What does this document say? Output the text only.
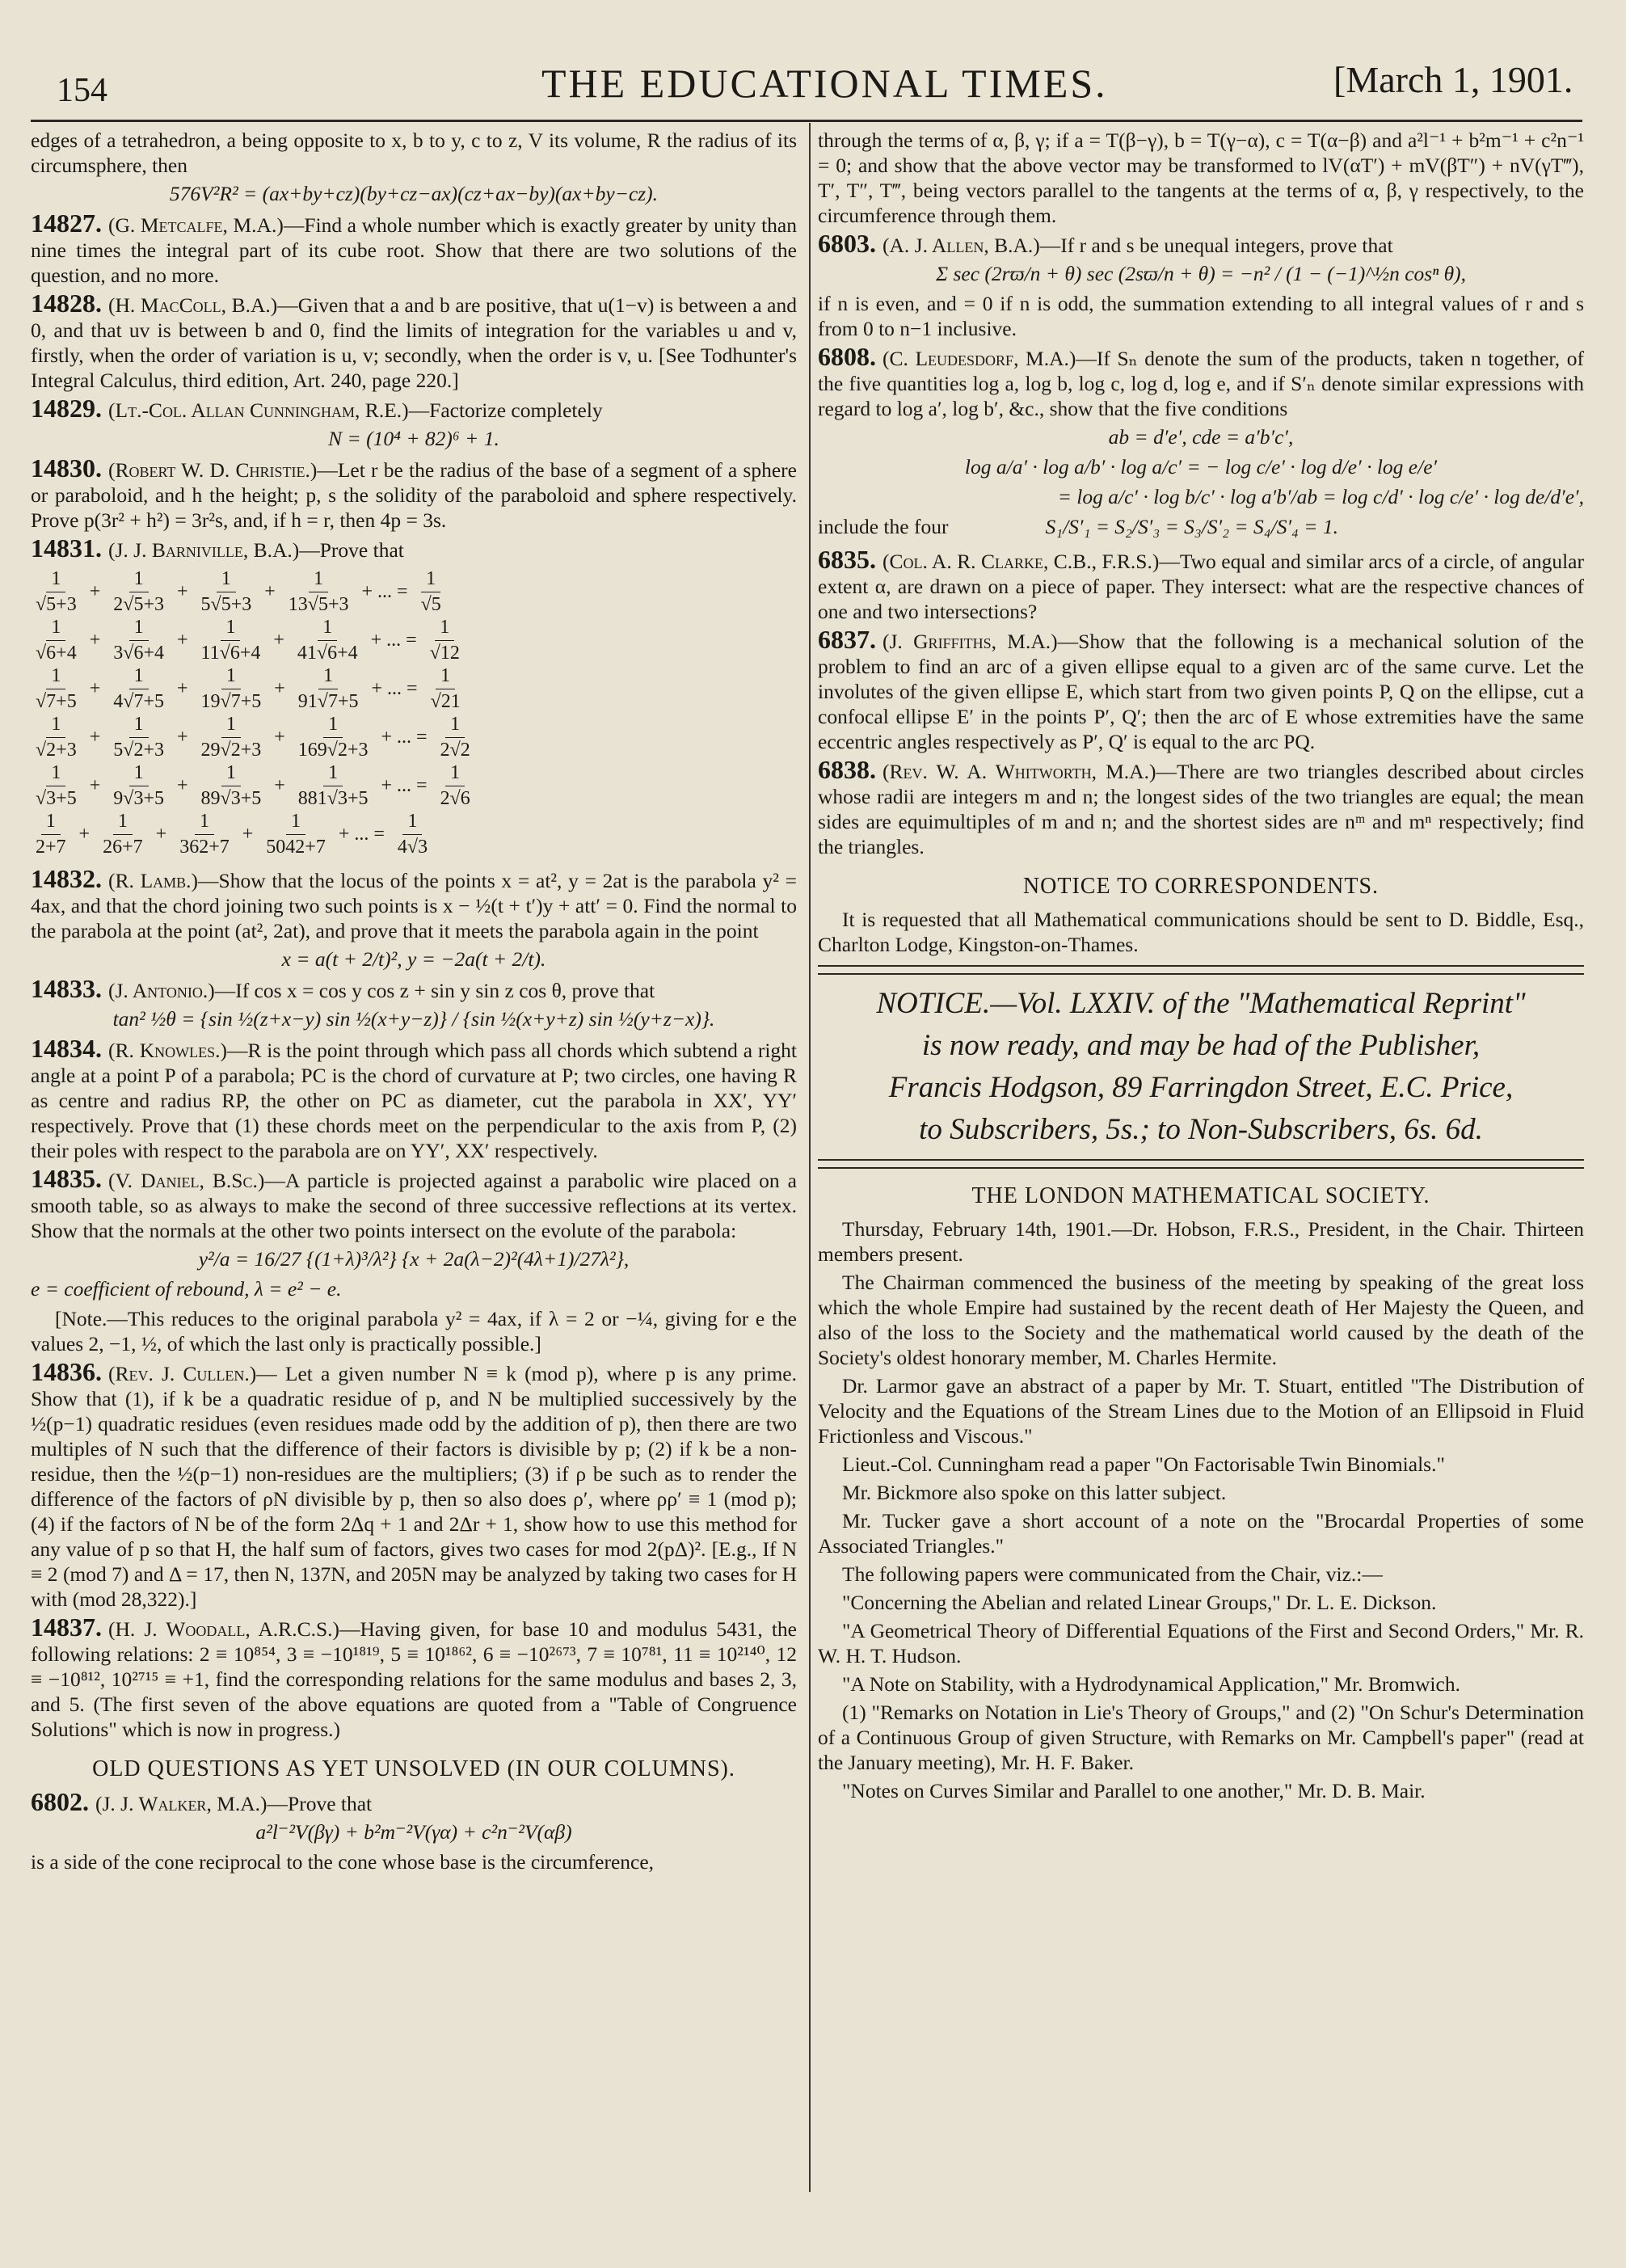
154	THE EDUCATIONAL TIMES.	[March 1, 1901.

edges of a tetrahedron, a being opposite to x, b to y, c to z, V its volume, R the radius of its circumsphere, then

576V²R² = (ax+by+cz)(by+cz−ax)(cz+ax−by)(ax+by−cz).

14827. (G. Metcalfe, M.A.)—Find a whole number which is exactly greater by unity than nine times the integral part of its cube root. Show that there are two solutions of the question, and no more.

14828. (H. MacColl, B.A.)—Given that a and b are positive, that u(1−v) is between a and 0, and that uv is between b and 0, find the limits of integration for the variables u and v, firstly, when the order of variation is u, v; secondly, when the order is v, u. [See Todhunter's Integral Calculus, third edition, Art. 240, page 220.]

14829. (Lt.-Col. Allan Cunningham, R.E.)—Factorize completely

N = (10⁴ + 82)⁶ + 1.

14830. (Robert W. D. Christie.)—Let r be the radius of the base of a segment of a sphere or paraboloid, and h the height; p, s the solidity of the paraboloid and sphere respectively. Prove p(3r² + h²) = 3r²s, and, if h = r, then 4p = 3s.

14831. (J. J. Barniville, B.A.)—Prove that

$\frac{1}{√5+3} + \frac{1}{2√5+3} + \frac{1}{5√5+3} + \frac{1}{13√5+3}$ + ... = $\frac{1}{√5}$
$\frac{1}{√6+4} + \frac{1}{3√6+4} + \frac{1}{11√6+4} + \frac{1}{41√6+4}$ + ... = $\frac{1}{√12}$
$\frac{1}{√7+5} + \frac{1}{4√7+5} + \frac{1}{19√7+5} + \frac{1}{91√7+5}$ + ... = $\frac{1}{√21}$
$\frac{1}{√2+3} + \frac{1}{5√2+3} + \frac{1}{29√2+3} + \frac{1}{169√2+3}$ + ... = $\frac{1}{2√2}$
$\frac{1}{√3+5} + \frac{1}{9√3+5} + \frac{1}{89√3+5} + \frac{1}{881√3+5}$ + ... = $\frac{1}{2√6}$
$\frac{1}{2+7} + \frac{1}{26+7} + \frac{1}{362+7} + \frac{1}{5042+7}$ + ... = $\frac{1}{4√3}$

14832. (R. Lamb.)—Show that the locus of the points x = at², y = 2at is the parabola y² = 4ax, and that the chord joining two such points is x − ½(t + t′)y + att′ = 0. Find the normal to the parabola at the point (at², 2at), and prove that it meets the parabola again in the point

x = a(t + 2/t)², y = −2a(t + 2/t).

14833. (J. Antonio.)—If cos x = cos y cos z + sin y sin z cos θ, prove that

tan² ½θ = {sin ½(z+x−y) sin ½(x+y−z)} / {sin ½(x+y+z) sin ½(y+z−x)}.

14834. (R. Knowles.)—R is the point through which pass all chords which subtend a right angle at a point P of a parabola; PC is the chord of curvature at P; two circles, one having R as centre and radius RP, the other on PC as diameter, cut the parabola in XX′, YY′ respectively. Prove that (1) these chords meet on the perpendicular to the axis from P, (2) their poles with respect to the parabola are on YY′, XX′ respectively.

14835. (V. Daniel, B.Sc.)—A particle is projected against a parabolic wire placed on a smooth table, so as always to make the second of three successive reflections at its vertex. Show that the normals at the other two points intersect on the evolute of the parabola:

y²/a = 16/27 {(1+λ)³/λ²} {x + 2a(λ−2)²(4λ+1)/27λ²},
e = coefficient of rebound, λ = e² − e.

[Note.—This reduces to the original parabola y² = 4ax, if λ = 2 or −¼, giving for e the values 2, −1, ½, of which the last only is practically possible.]

14836. (Rev. J. Cullen.)— Let a given number N ≡ k (mod p), where p is any prime. Show that (1), if k be a quadratic residue of p, and N be multiplied successively by the ½(p−1) quadratic residues (even residues made odd by the addition of p), then there are two multiples of N such that the difference of their factors is divisible by p; (2) if k be a non-residue, then the ½(p−1) non-residues are the multipliers; (3) if ρ be such as to render the difference of the factors of ρN divisible by p, then so also does ρ′, where ρρ′ ≡ 1 (mod p); (4) if the factors of N be of the form 2Δq + 1 and 2Δr + 1, show how to use this method for any value of p so that H, the half sum of factors, gives two cases for mod 2(pΔ)². [E.g., If N ≡ 2 (mod 7) and Δ = 17, then N, 137N, and 205N may be analyzed by taking two cases for H with (mod 28,322).]

14837. (H. J. Woodall, A.R.C.S.)—Having given, for base 10 and modulus 5431, the following relations: 2 ≡ 10⁸⁵⁴, 3 ≡ −10¹⁸¹⁹, 5 ≡ 10¹⁸⁶², 6 ≡ −10²⁶⁷³, 7 ≡ 10⁷⁸¹, 11 ≡ 10²¹⁴⁰, 12 ≡ −10⁸¹², 10²⁷¹⁵ ≡ +1, find the corresponding relations for the same modulus and bases 2, 3, and 5. (The first seven of the above equations are quoted from a "Table of Congruence Solutions" which is now in progress.)

OLD QUESTIONS AS YET UNSOLVED (IN OUR COLUMNS).

6802. (J. J. Walker, M.A.)—Prove that

a²l⁻²V(βγ) + b²m⁻²V(γα) + c²n⁻²V(αβ)

is a side of the cone reciprocal to the cone whose base is the circumference,

through the terms of α, β, γ; if a = T(β−γ), b = T(γ−α), c = T(α−β) and a²l⁻¹ + b²m⁻¹ + c²n⁻¹ = 0; and show that the above vector may be transformed to lV(αT′) + mV(βT″) + nV(γT‴), T′, T″, T‴, being vectors parallel to the tangents at the terms of α, β, γ respectively, to the circumference through them.

6803. (A. J. Allen, B.A.)—If r and s be unequal integers, prove that

Σ sec (2rϖ/n + θ) sec (2sϖ/n + θ) = −n² / (1 − (−1)^½n cosⁿ θ),

if n is even, and = 0 if n is odd, the summation extending to all integral values of r and s from 0 to n−1 inclusive.

6808. (C. Leudesdorf, M.A.)—If Sₙ denote the sum of the products, taken n together, of the five quantities log a, log b, log c, log d, log e, and if S′ₙ denote similar expressions with regard to log a′, log b′, &c., show that the five conditions

ab = d′e′, cde = a′b′c′,
log a/a′ · log a/b′ · log a/c′ = − log c/e′ · log d/e′ · log e/e′
= log a/c′ · log b/c′ · log a′b′/ab = log c/d′ · log c/e′ · log de/d′e′,
include the four	S₁/S′₁ = S₂/S′₃ = S₃/S′₂ = S₄/S′₄ = 1.

6835. (Col. A. R. Clarke, C.B., F.R.S.)—Two equal and similar arcs of a circle, of angular extent α, are drawn on a piece of paper. They intersect: what are the respective chances of one and two intersections?

6837. (J. Griffiths, M.A.)—Show that the following is a mechanical solution of the problem to find an arc of a given ellipse equal to a given arc of the same curve. Let the involutes of the given ellipse E, which start from two given points P, Q on the ellipse, cut a confocal ellipse E′ in the points P′, Q′; then the arc of E whose extremities have the same eccentric angles respectively as P′, Q′ is equal to the arc PQ.

6838. (Rev. W. A. Whitworth, M.A.)—There are two triangles described about circles whose radii are integers m and n; the longest sides of the two triangles are equal; the mean sides are equimultiples of m and n; and the shortest sides are nᵐ and mⁿ respectively; find the triangles.

NOTICE TO CORRESPONDENTS.

It is requested that all Mathematical communications should be sent to D. Biddle, Esq., Charlton Lodge, Kingston-on-Thames.

NOTICE.—Vol. LXXIV. of the "Mathematical Reprint"
is now ready, and may be had of the Publisher,
Francis Hodgson, 89 Farringdon Street, E.C. Price,
to Subscribers, 5s.; to Non-Subscribers, 6s. 6d.
THE LONDON MATHEMATICAL SOCIETY.

Thursday, February 14th, 1901.—Dr. Hobson, F.R.S., President, in the Chair. Thirteen members present.

The Chairman commenced the business of the meeting by speaking of the great loss which the whole Empire had sustained by the recent death of Her Majesty the Queen, and also of the loss to the Society and the mathematical world caused by the death of the Society's oldest honorary member, M. Charles Hermite.

Dr. Larmor gave an abstract of a paper by Mr. T. Stuart, entitled "The Distribution of Velocity and the Equations of the Stream Lines due to the Motion of an Ellipsoid in Fluid Frictionless and Viscous."

Lieut.-Col. Cunningham read a paper "On Factorisable Twin Binomials."

Mr. Bickmore also spoke on this latter subject.

Mr. Tucker gave a short account of a note on the "Brocardal Properties of some Associated Triangles."

The following papers were communicated from the Chair, viz.:—

"Concerning the Abelian and related Linear Groups," Dr. L. E. Dickson.

"A Geometrical Theory of Differential Equations of the First and Second Orders," Mr. R. W. H. T. Hudson.

"A Note on Stability, with a Hydrodynamical Application," Mr. Bromwich.

(1) "Remarks on Notation in Lie's Theory of Groups," and (2) "On Schur's Determination of a Continuous Group of given Structure, with Remarks on Mr. Campbell's paper" (read at the January meeting), Mr. H. F. Baker.

"Notes on Curves Similar and Parallel to one another," Mr. D. B. Mair.
